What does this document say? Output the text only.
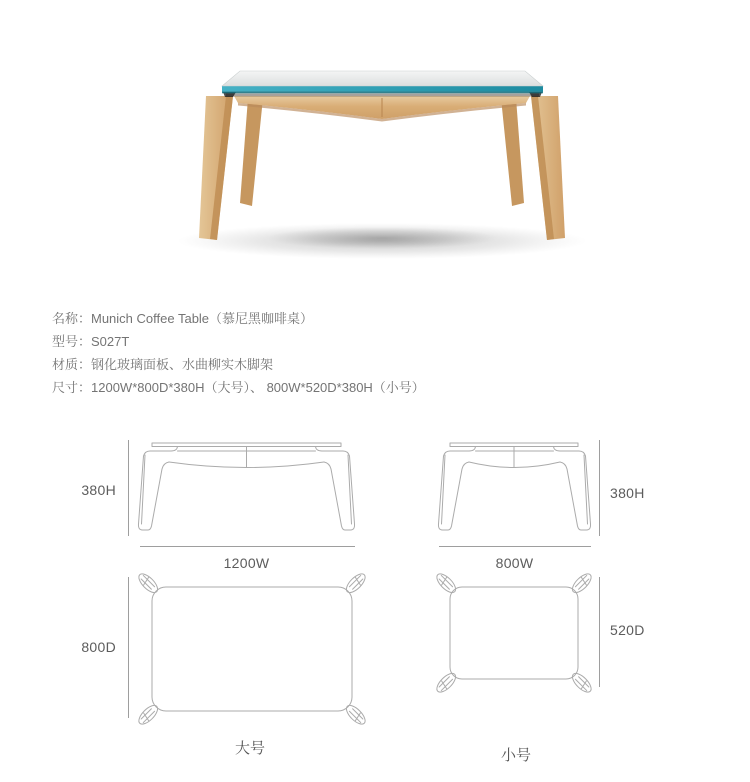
名称：Munich Coffee Table（慕尼黑咖啡桌）
型号：S027T
材质：钢化玻璃面板、水曲柳实木脚架
尺寸：1200W*800D*380H（大号）、 800W*520D*380H（小号）
380H
1200W
380H
800W
800D
大号
520D
小号
